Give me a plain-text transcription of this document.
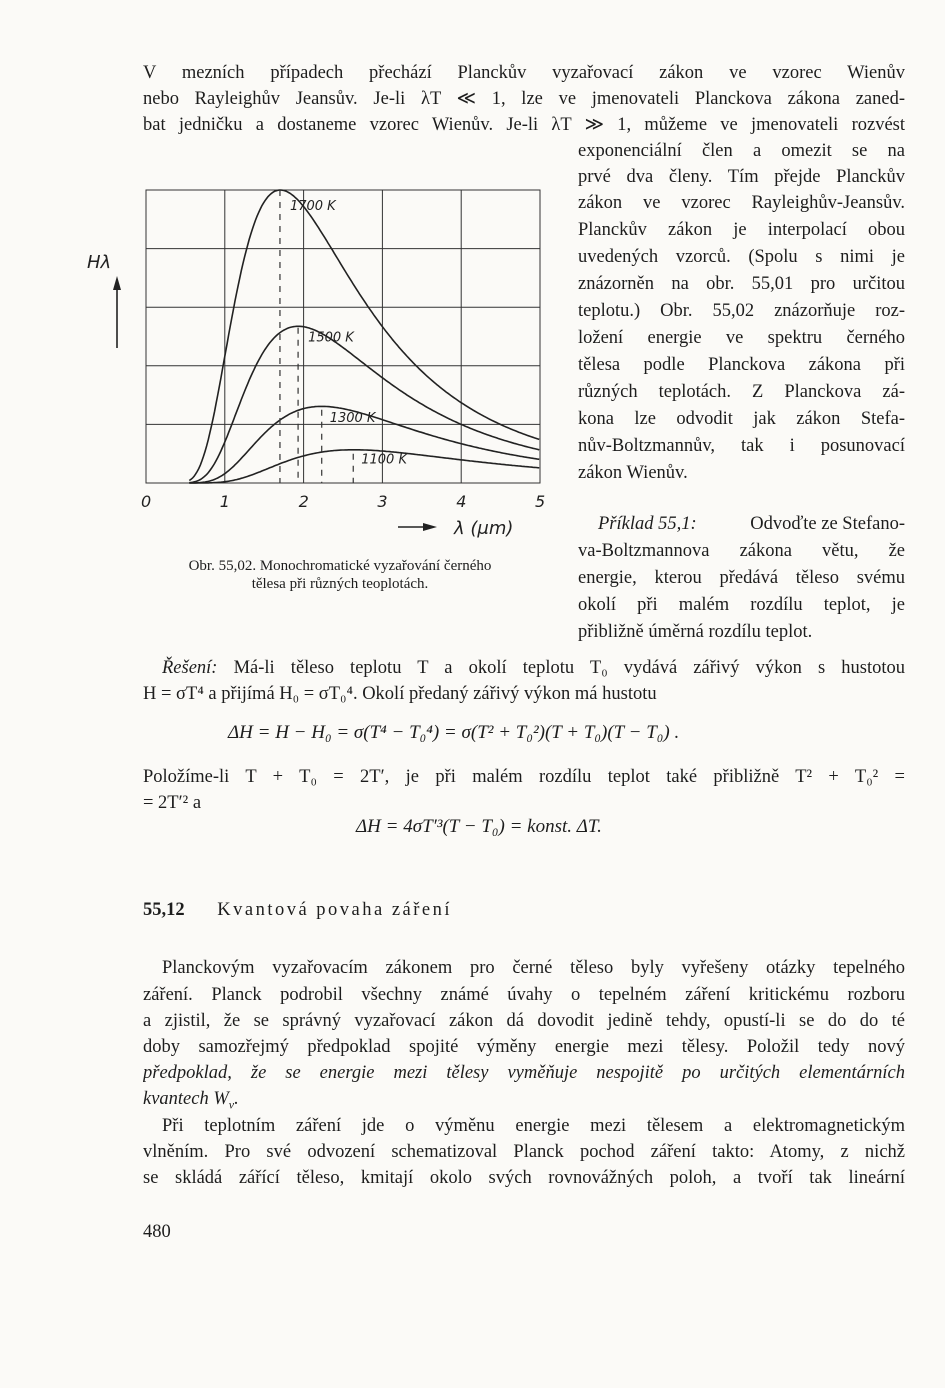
V mezních případech přechází Planckův vyzařovací zákon ve vzorec Wienův
nebo Rayleighův Jeansův. Je-li λT ≪ 1, lze ve jmenovateli Planckova zákona zaned-
bat jedničku a dostaneme vzorec Wienův. Je-li λT ≫ 1, můžeme ve jmenovateli rozvést
exponenciální člen a omezit se na
prvé dva členy. Tím přejde Planckův
zákon ve vzorec Rayleighův-Jeansův.
Planckův zákon je interpolací obou
uvedených vzorců. (Spolu s nimi je
znázorněn na obr. 55,01 pro určitou
teplotu.) Obr. 55,02 znázorňuje roz-
ložení energie ve spektru černého
tělesa podle Planckova zákona při
různých teplotách. Z Planckova zá-
kona lze odvodit jak zákon Stefa-
nův-Boltzmannův, tak i posunovací
zákon Wienův.
Příklad 55,1:	Odvoďte ze Stefano-
va-Boltzmannova zákona větu, že
energie, kterou předává těleso svému
okolí při malém rozdílu teplot, je
přibližně úměrná rozdílu teplot.
0	1	2	3	4	5
1700 K
1500 K
1300 K
1100 K
Hλ
λ (μm)
Obr. 55,02. Monochromatické vyzařování černého
tělesa při různých teoplotách.
Řešení: Má-li těleso teplotu T a okolí teplotu T₀ vydává zářivý výkon s hustotou
H = σT⁴ a přijímá H₀ = σT₀⁴. Okolí předaný zářivý výkon má hustotu
ΔH = H − H₀ = σ(T⁴ − T₀⁴) = σ(T² + T₀²)(T + T₀)(T − T₀) .
Položíme-li T + T₀ = 2T′, je při malém rozdílu teplot také přibližně T² + T₀² =
= 2T′² a
ΔH = 4σT′³(T − T₀) = konst. ΔT.
55,12 Kvantová povaha záření
Planckovým vyzařovacím zákonem pro černé těleso byly vyřešeny otázky tepelného
záření. Planck podrobil všechny známé úvahy o tepelném záření kritickému rozboru
a zjistil, že se správný vyzařovací zákon dá dovodit jedině tehdy, opustí-li se do do té
doby samozřejmý předpoklad spojité výměny energie mezi tělesy. Položil tedy nový
předpoklad, že se energie mezi tělesy vyměňuje nespojitě po určitých elementárních
kvantech $W_\nu$.
Při teplotním záření jde o výměnu energie mezi tělesem a elektromagnetickým
vlněním. Pro své odvození schematizoval Planck pochod záření takto: Atomy, z nichž
se skládá zářící těleso, kmitají okolo svých rovnovážných poloh, a tvoří tak lineární
480
